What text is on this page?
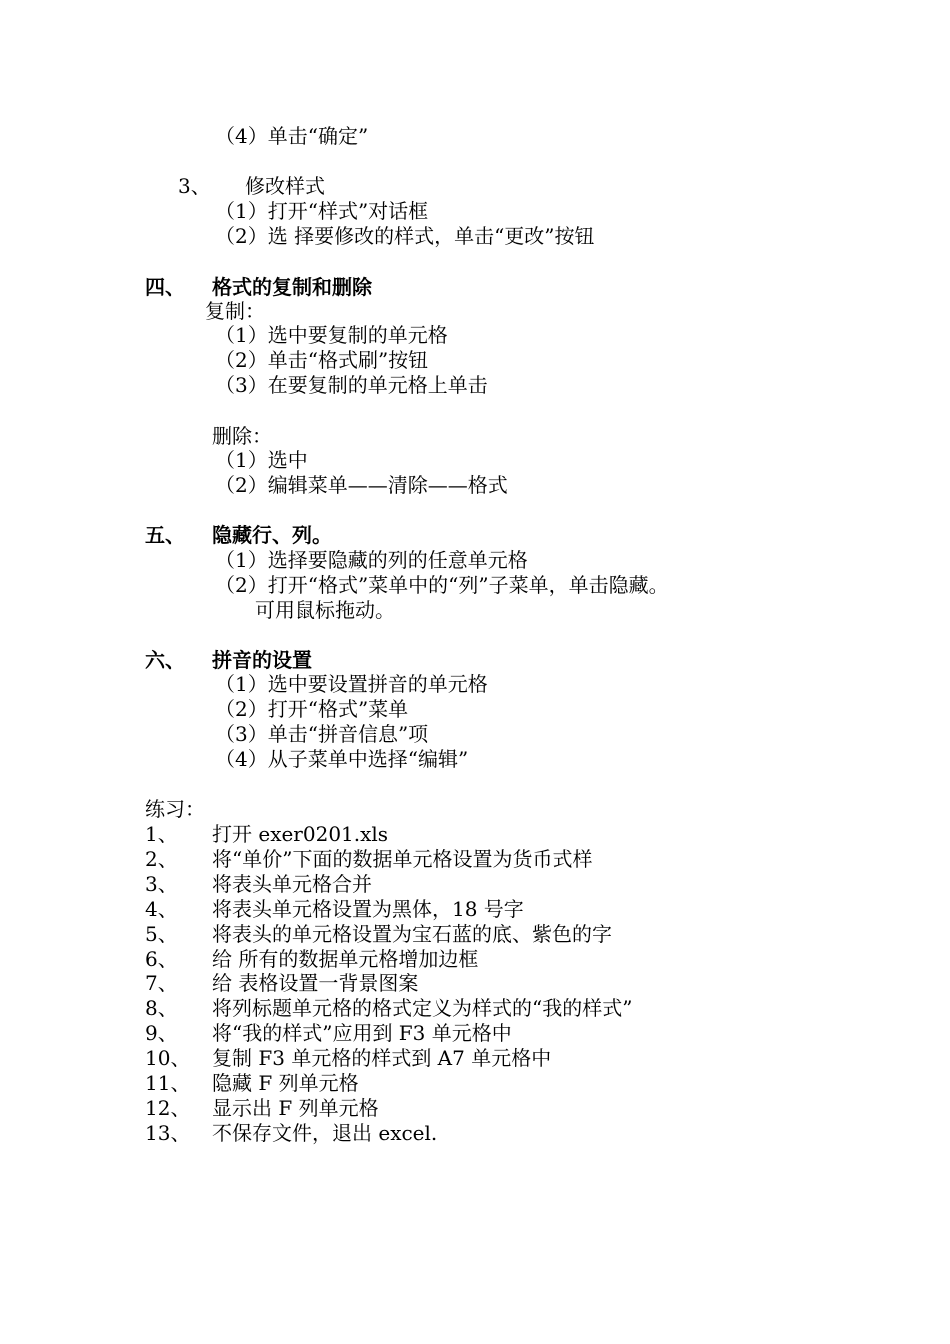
（4）单击“确定”
3、 修改样式
（1）打开“样式”对话框
（2）选 择要修改的样式，单击“更改”按钮
四、 格式的复制和删除
复制：
（1）选中要复制的单元格
（2）单击“格式刷”按钮
（3）在要复制的单元格上单击
删除：
（1）选中
（2）编辑菜单——清除——格式
五、 隐藏行、列。
（1）选择要隐藏的列的任意单元格
（2）打开“格式”菜单中的“列”子菜单，单击隐藏。
可用鼠标拖动。
六、 拼音的设置
（1）选中要设置拼音的单元格
（2）打开“格式”菜单
（3）单击“拼音信息”项
（4）从子菜单中选择“编辑”
练习：
1、 打开 exer0201.xls
2、 将“单价”下面的数据单元格设置为货币式样
3、 将表头单元格合并
4、 将表头单元格设置为黑体，18 号字
5、 将表头的单元格设置为宝石蓝的底、紫色的字
6、 给 所有的数据单元格增加边框
7、 给 表格设置一背景图案
8、 将列标题单元格的格式定义为样式的“我的样式”
9、 将“我的样式”应用到 F3 单元格中
10、 复制 F3 单元格的样式到 A7 单元格中
11、 隐藏 F 列单元格
12、 显示出 F 列单元格
13、 不保存文件，退出 excel.
